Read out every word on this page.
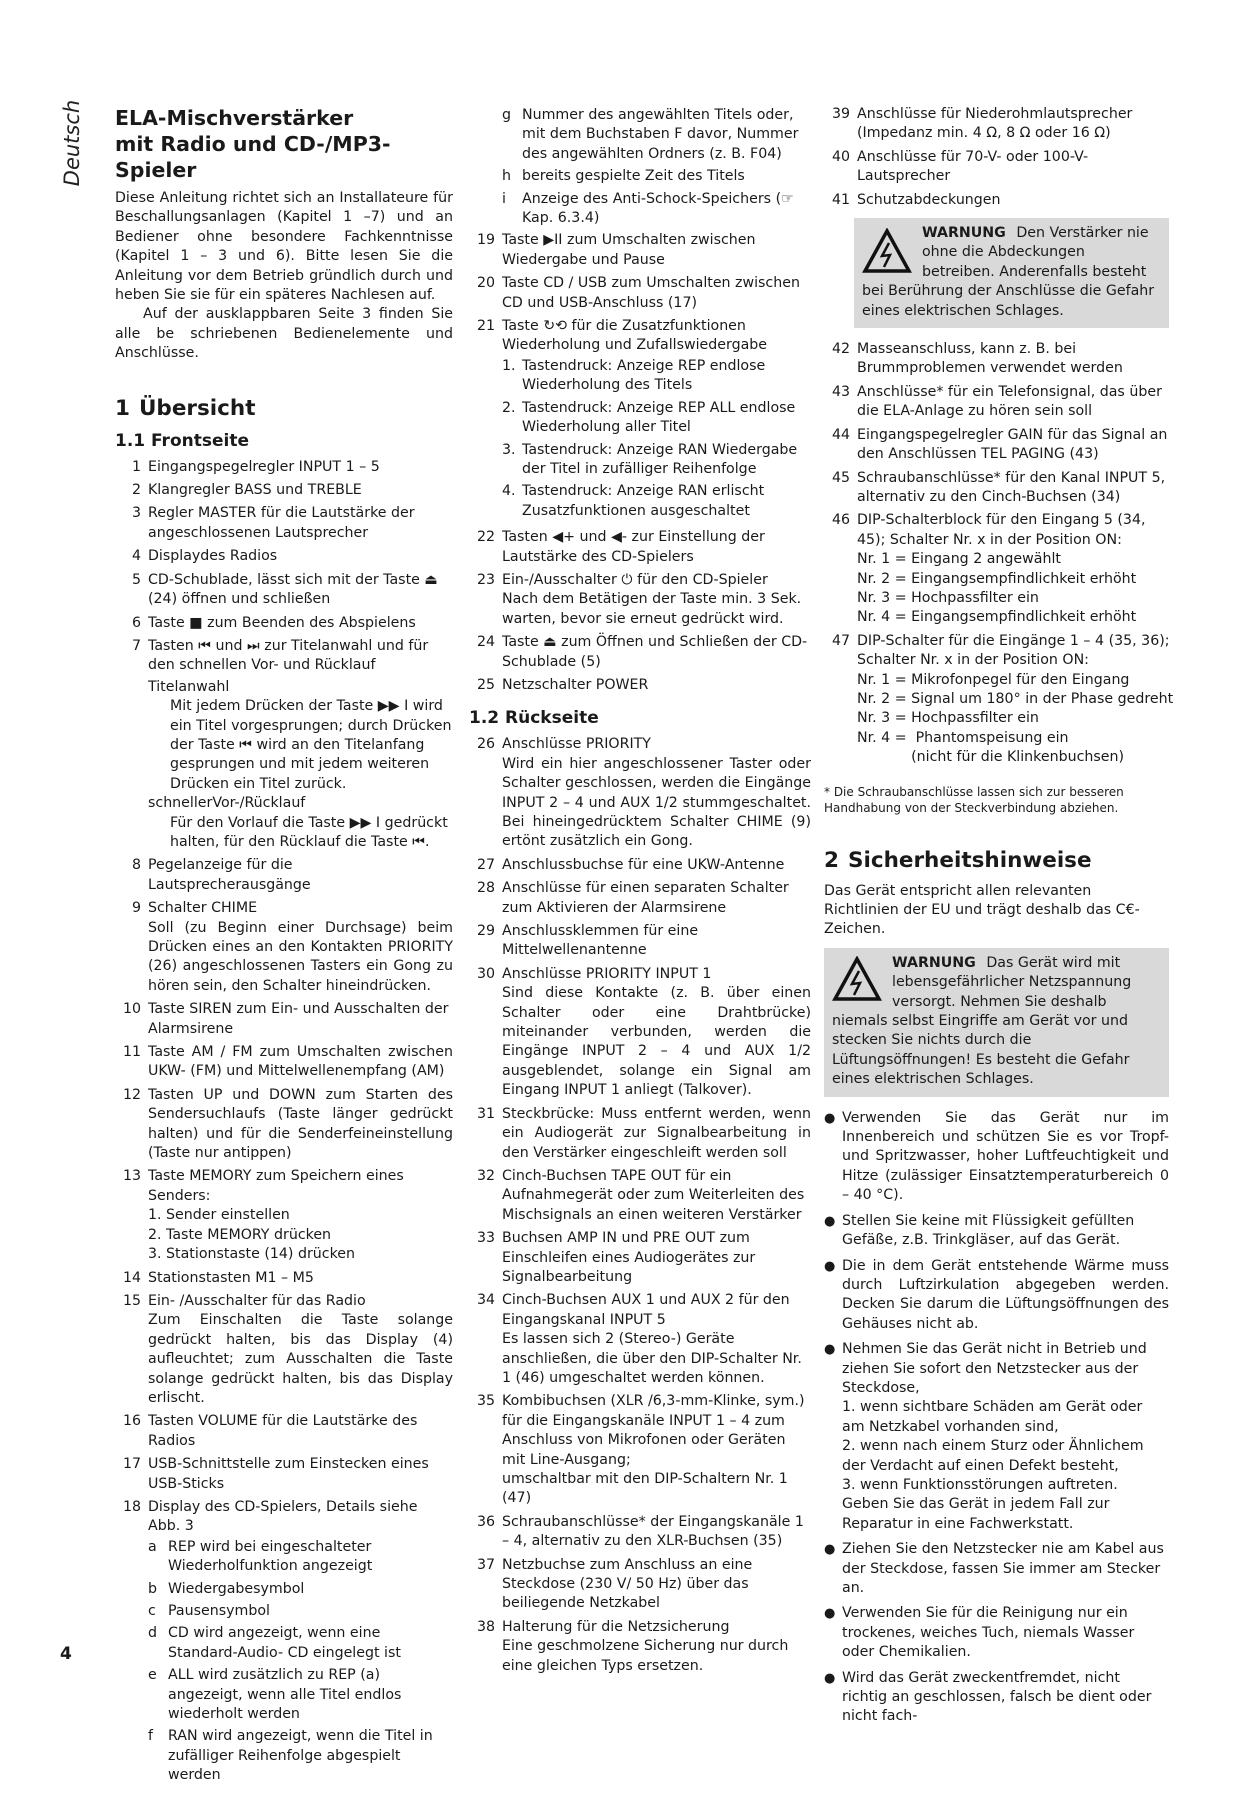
Deutsch ELA-Mischverstärker
mit Radio und CD-/MP3-Spieler

Diese Anleitung richtet sich an Installateure für Beschallungsanlagen (Kapitel 1 –7) und an Bediener ohne besondere Fachkenntnisse (Kapitel 1 – 3 und 6). Bitte lesen Sie die Anleitung vor dem Betrieb gründlich durch und heben Sie sie für ein späteres Nachlesen auf.

Auf der ausklappbaren Seite 3 finden Sie alle be schriebenen Bedienelemente und Anschlüsse.

1 Übersicht
1.1 Frontseite
1 Eingangspegelregler INPUT 1 – 5
2 Klangregler BASS und TREBLE
3 Regler MASTER für die Lautstärke der angeschlossenen Lautsprecher
4 Displaydes Radios
5 CD-Schublade, lässt sich mit der Taste ⏏ (24) öffnen und schließen
6 Taste ■ zum Beenden des Abspielens
7 Tasten ⏮ und ⏭ zur Titelanwahl und für den schnellen Vor- und Rücklauf
Titelanwahl
Mit jedem Drücken der Taste ▶▶ I wird ein Titel vorgesprungen; durch Drücken der Taste ⏮ wird an den Titelanfang gesprungen und mit jedem weiteren Drücken ein Titel zurück.
schnellerVor-/Rücklauf
Für den Vorlauf die Taste ▶▶ I gedrückt halten, für den Rücklauf die Taste ⏮.
8 Pegelanzeige für die Lautsprecherausgänge
9 Schalter CHIME
Soll (zu Beginn einer Durchsage) beim Drücken eines an den Kontakten PRIORITY (26) angeschlossenen Tasters ein Gong zu hören sein, den Schalter hineindrücken.
10 Taste SIREN zum Ein- und Ausschalten der Alarmsirene
11 Taste AM / FM zum Umschalten zwischen UKW- (FM) und Mittelwellenempfang (AM)
12 Tasten UP und DOWN zum Starten des Sendersuchlaufs (Taste länger gedrückt halten) und für die Senderfeineinstellung (Taste nur antippen)
13 Taste MEMORY zum Speichern eines Senders:
1. Sender einstellen
2. Taste MEMORY drücken
3. Stationstaste (14) drücken
14 Stationstasten M1 – M5
15 Ein- /Ausschalter für das Radio
Zum Einschalten die Taste solange gedrückt halten, bis das Display (4) aufleuchtet; zum Ausschalten die Taste solange gedrückt halten, bis das Display erlischt.
16 Tasten VOLUME für die Lautstärke des Radios
17 USB-Schnittstelle zum Einstecken eines USB-Sticks
18 Display des CD-Spielers, Details siehe Abb. 3
a REP wird bei eingeschalteter Wiederholfunktion angezeigt
b Wiedergabesymbol
c Pausensymbol
d CD wird angezeigt, wenn eine Standard-Audio- CD eingelegt ist
e ALL wird zusätzlich zu REP (a) angezeigt, wenn alle Titel endlos wiederholt werden
f	RAN wird angezeigt, wenn die Titel in zufälliger Reihenfolge abgespielt werden
g Nummer des angewählten Titels oder, mit dem Buchstaben F davor, Nummer des angewählten Ordners (z. B. F04)
h bereits gespielte Zeit des Titels
i	Anzeige des Anti-Schock-Speichers (☞ Kap. 6.3.4)
19 Taste ▶II zum Umschalten zwischen Wiedergabe und Pause
20 Taste CD / USB zum Umschalten zwischen CD und USB-Anschluss (17)
21 Taste ↻⟲ für die Zusatzfunktionen Wiederholung und Zufallswiedergabe
1. Tastendruck: Anzeige REP endlose Wiederholung des Titels
2. Tastendruck: Anzeige REP ALL endlose Wiederholung aller Titel
3. Tastendruck: Anzeige RAN Wiedergabe der Titel in zufälliger Reihenfolge
4. Tastendruck: Anzeige RAN erlischt Zusatzfunktionen ausgeschaltet
22 Tasten ◀+ und ◀- zur Einstellung der Lautstärke des CD-Spielers
23 Ein-/Ausschalter ⏻ für den CD-Spieler
Nach dem Betätigen der Taste min. 3 Sek. warten, bevor sie erneut gedrückt wird.
24 Taste ⏏ zum Öffnen und Schließen der CD-Schublade (5)
25 Netzschalter POWER
1.2 Rückseite
26 Anschlüsse PRIORITY
Wird ein hier angeschlossener Taster oder Schalter geschlossen, werden die Eingänge INPUT 2 – 4 und AUX 1/2 stummgeschaltet. Bei hineingedrücktem Schalter CHIME (9) ertönt zusätzlich ein Gong.
27 Anschlussbuchse für eine UKW-Antenne
28 Anschlüsse für einen separaten Schalter zum Aktivieren der Alarmsirene
29 Anschlussklemmen für eine Mittelwellenantenne
30 Anschlüsse PRIORITY INPUT 1
Sind diese Kontakte (z. B. über einen Schalter oder eine Drahtbrücke) miteinander verbunden, werden die Eingänge INPUT 2 – 4 und AUX 1/2 ausgeblendet, solange ein Signal am Eingang INPUT 1 anliegt (Talkover).
31 Steckbrücke: Muss entfernt werden, wenn ein Audiogerät zur Signalbearbeitung in den Verstärker eingeschleift werden soll
32 Cinch-Buchsen TAPE OUT für ein Aufnahmegerät oder zum Weiterleiten des Mischsignals an einen weiteren Verstärker
33 Buchsen AMP IN und PRE OUT zum Einschleifen eines Audiogerätes zur Signalbearbeitung
34 Cinch-Buchsen AUX 1 und AUX 2 für den Eingangskanal INPUT 5
Es lassen sich 2 (Stereo-) Geräte anschließen, die über den DIP-Schalter Nr. 1 (46) umgeschaltet werden können.
35 Kombibuchsen (XLR /6,3-mm-Klinke, sym.) für die Eingangskanäle INPUT 1 – 4 zum Anschluss von Mikrofonen oder Geräten mit Line-Ausgang;
umschaltbar mit den DIP-Schaltern Nr. 1 (47)
36 Schraubanschlüsse* der Eingangskanäle 1 – 4, alternativ zu den XLR-Buchsen (35)
37 Netzbuchse zum Anschluss an eine Steckdose (230 V/ 50 Hz) über das beiliegende Netzkabel
38 Halterung für die Netzsicherung
Eine geschmolzene Sicherung nur durch eine gleichen Typs ersetzen.
39 Anschlüsse für Niederohmlautsprecher (Impedanz min. 4 Ω, 8 Ω oder 16 Ω)
40 Anschlüsse für 70-V- oder 100-V-Lautsprecher
41 Schutzabdeckungen
WARNUNG Den Verstärker nie ohne die Abdeckungen betreiben. Anderenfalls besteht bei Berührung der Anschlüsse die Gefahr eines elektrischen Schlages.
42 Masseanschluss, kann z. B. bei Brummproblemen verwendet werden
43 Anschlüsse* für ein Telefonsignal, das über die ELA-Anlage zu hören sein soll
44 Eingangspegelregler GAIN für das Signal an den Anschlüssen TEL PAGING (43)
45 Schraubanschlüsse* für den Kanal INPUT 5, alternativ zu den Cinch-Buchsen (34)
46 DIP-Schalterblock für den Eingang 5 (34, 45); Schalter Nr. x in der Position ON:
Nr. 1 = Eingang 2 angewählt
Nr. 2 = Eingangsempfindlichkeit erhöht
Nr. 3 = Hochpassfilter ein
Nr. 4 = Eingangsempfindlichkeit erhöht
47 DIP-Schalter für die Eingänge 1 – 4 (35, 36); Schalter Nr. x in der Position ON:
Nr. 1 = Mikrofonpegel für den Eingang
Nr. 2 = Signal um 180° in der Phase gedreht
Nr. 3 = Hochpassfilter ein
Nr. 4 =  Phantomspeisung ein
(nicht für die Klinkenbuchsen)
* Die Schraubanschlüsse lassen sich zur besseren Handhabung von der Steckverbindung abziehen.
2 Sicherheitshinweise

Das Gerät entspricht allen relevanten Richtlinien der EU und trägt deshalb das C€-Zeichen.

WARNUNG Das Gerät wird mit lebensgefährlicher Netzspannung versorgt. Nehmen Sie deshalb niemals selbst Eingriffe am Gerät vor und stecken Sie nichts durch die Lüftungsöffnungen! Es besteht die Gefahr eines elektrischen Schlages.
● Verwenden Sie das Gerät nur im Innenbereich und schützen Sie es vor Tropf- und Spritzwasser, hoher Luftfeuchtigkeit und Hitze (zulässiger Einsatztemperaturbereich 0 – 40 °C).
● Stellen Sie keine mit Flüssigkeit gefüllten Gefäße, z.B. Trinkgläser, auf das Gerät.
● Die in dem Gerät entstehende Wärme muss durch Luftzirkulation abgegeben werden. Decken Sie darum die Lüftungsöffnungen des Gehäuses nicht ab.
● Nehmen Sie das Gerät nicht in Betrieb und ziehen Sie sofort den Netzstecker aus der Steckdose,
1. wenn sichtbare Schäden am Gerät oder am Netzkabel vorhanden sind,
2. wenn nach einem Sturz oder Ähnlichem der Verdacht auf einen Defekt besteht,
3. wenn Funktionsstörungen auftreten.
Geben Sie das Gerät in jedem Fall zur Reparatur in eine Fachwerkstatt.
● Ziehen Sie den Netzstecker nie am Kabel aus der Steckdose, fassen Sie immer am Stecker an.
● Verwenden Sie für die Reinigung nur ein trockenes, weiches Tuch, niemals Wasser oder Chemikalien.
● Wird das Gerät zweckentfremdet, nicht richtig an geschlossen, falsch be dient oder nicht fach-
4
